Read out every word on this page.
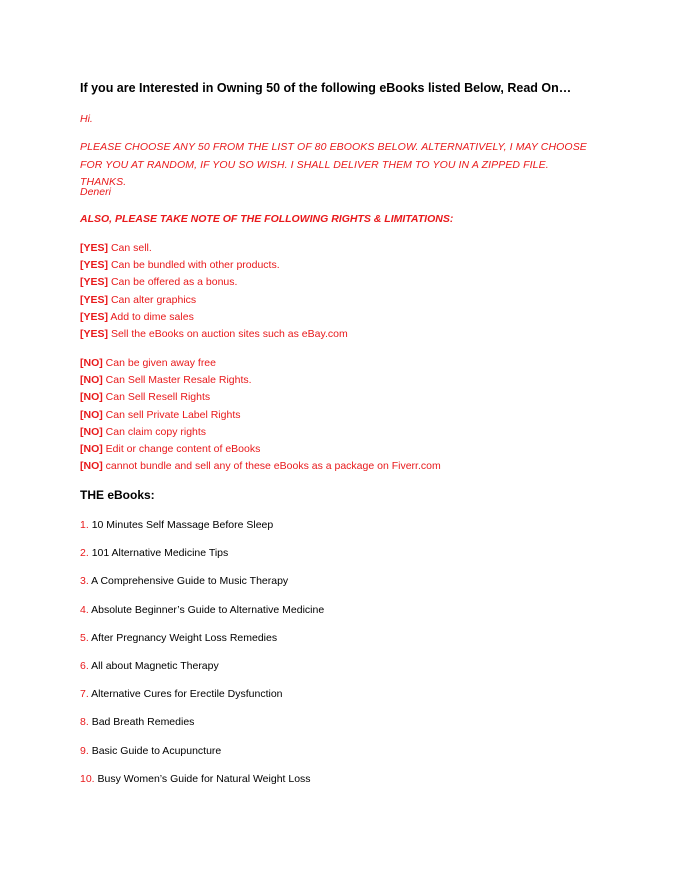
If you are Interested in Owning 50 of the following eBooks listed Below, Read On…
Hi.
PLEASE CHOOSE ANY 50 FROM THE LIST OF 80 EBOOKS BELOW. ALTERNATIVELY, I MAY CHOOSE FOR YOU AT RANDOM, IF YOU SO WISH. I SHALL DELIVER THEM TO YOU IN A ZIPPED FILE. THANKS.
Deneri
ALSO, PLEASE TAKE NOTE OF THE FOLLOWING RIGHTS & LIMITATIONS:
[YES] Can sell.
[YES] Can be bundled with other products.
[YES] Can be offered as a bonus.
[YES] Can alter graphics
[YES] Add to dime sales
[YES] Sell the eBooks on auction sites such as eBay.com
[NO] Can be given away free
[NO] Can Sell Master Resale Rights.
[NO] Can Sell Resell Rights
[NO] Can sell Private Label Rights
[NO] Can claim copy rights
[NO] Edit or change content of eBooks
[NO] cannot bundle and sell any of these eBooks as a package on Fiverr.com
THE eBooks:
1. 10 Minutes Self Massage Before Sleep
2. 101 Alternative Medicine Tips
3. A Comprehensive Guide to Music Therapy
4. Absolute Beginner’s Guide to Alternative Medicine
5. After Pregnancy Weight Loss Remedies
6. All about Magnetic Therapy
7. Alternative Cures for Erectile Dysfunction
8. Bad Breath Remedies
9. Basic Guide to Acupuncture
10. Busy Women’s Guide for Natural Weight Loss
